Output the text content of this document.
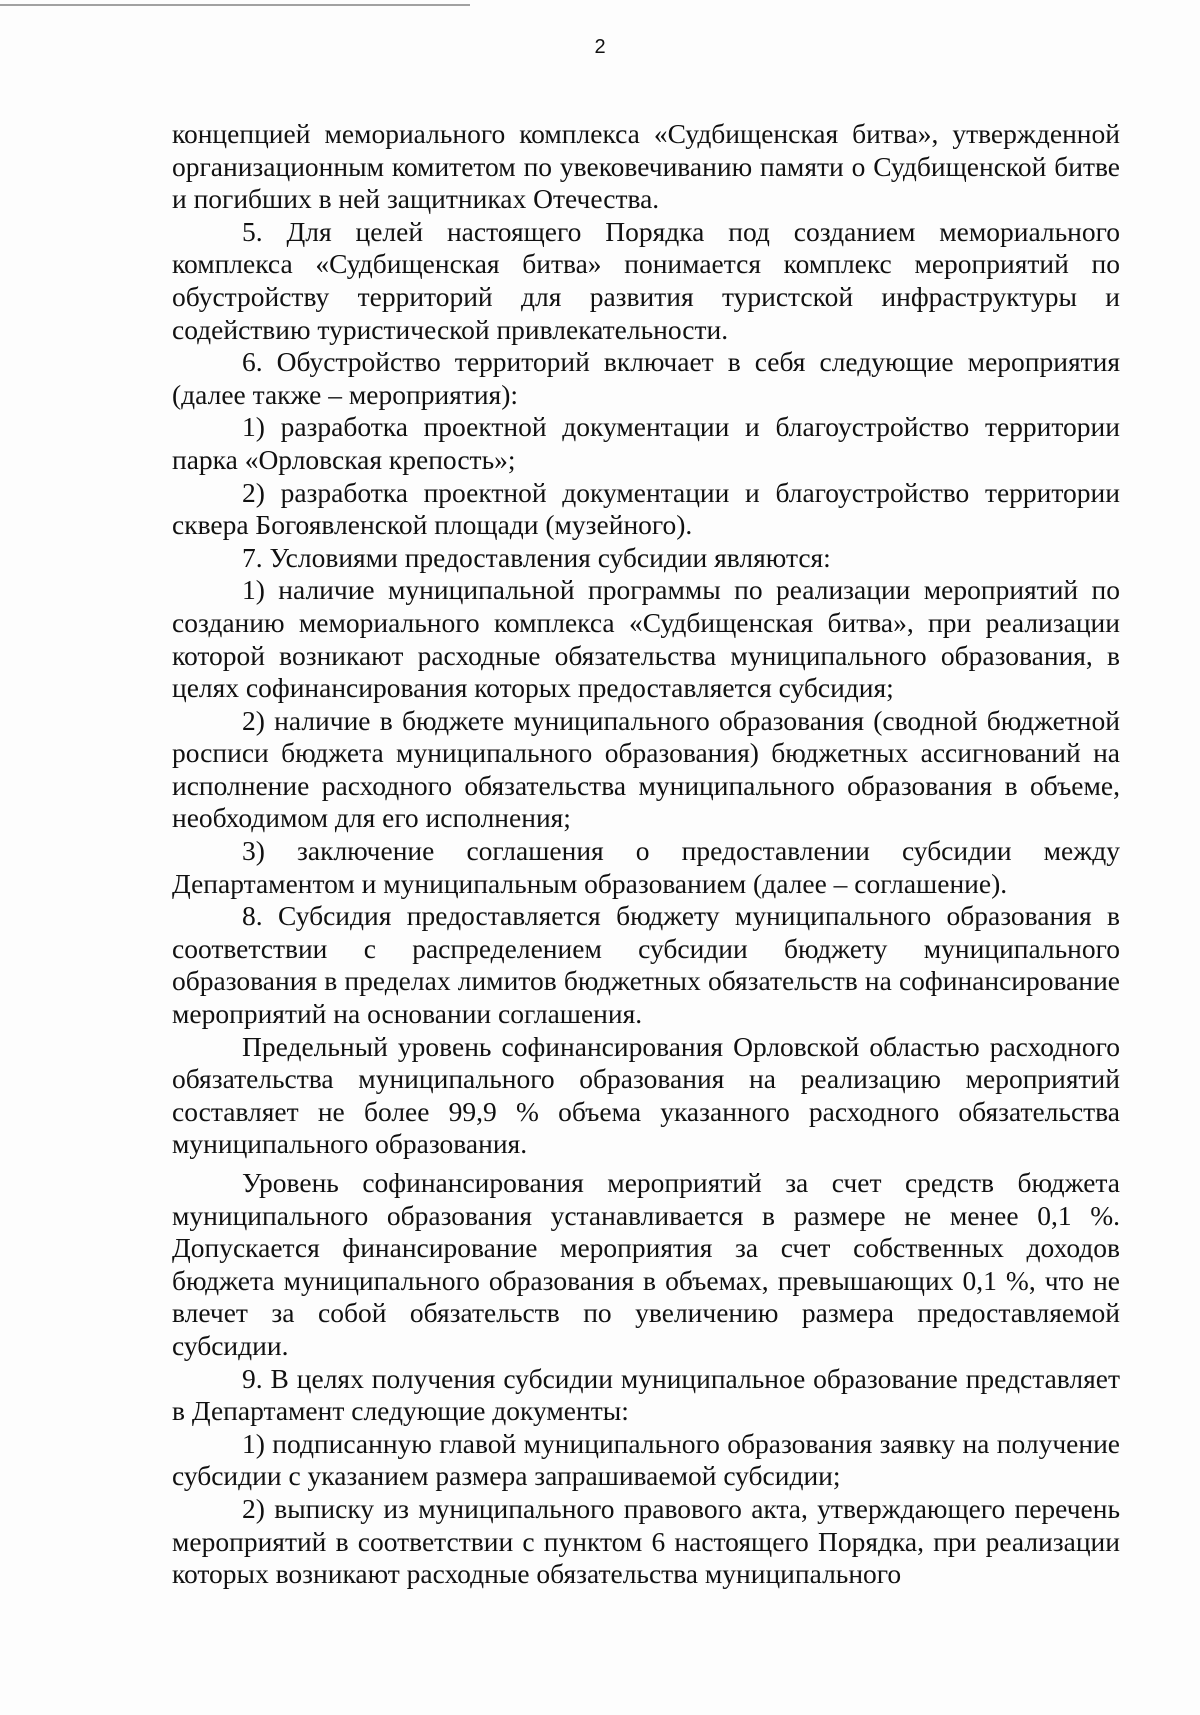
2

концепцией мемориального комплекса «Судбищенская битва», утвержденной организационным комитетом по увековечиванию памяти о Судбищенской битве и погибших в ней защитниках Отечества.

5. Для целей настоящего Порядка под созданием мемориального комплекса «Судбищенская битва» понимается комплекс мероприятий по обустройству территорий для развития туристской инфраструктуры и содействию туристической привлекательности.

6. Обустройство территорий включает в себя следующие мероприятия (далее также – мероприятия):

1) разработка проектной документации и благоустройство территории парка «Орловская крепость»;

2) разработка проектной документации и благоустройство территории сквера Богоявленской площади (музейного).

7. Условиями предоставления субсидии являются:

1) наличие муниципальной программы по реализации мероприятий по созданию мемориального комплекса «Судбищенская битва», при реализации которой возникают расходные обязательства муниципального образования, в целях софинансирования которых предоставляется субсидия;

2) наличие в бюджете муниципального образования (сводной бюджетной росписи бюджета муниципального образования) бюджетных ассигнований на исполнение расходного обязательства муниципального образования в объеме, необходимом для его исполнения;

3) заключение соглашения о предоставлении субсидии между Департаментом и муниципальным образованием (далее – соглашение).

8. Субсидия предоставляется бюджету муниципального образования в соответствии с распределением субсидии бюджету муниципального образования в пределах лимитов бюджетных обязательств на софинансирование мероприятий на основании соглашения.

Предельный уровень софинансирования Орловской областью расходного обязательства муниципального образования на реализацию мероприятий составляет не более 99,9 % объема указанного расходного обязательства муниципального образования.

Уровень софинансирования мероприятий за счет средств бюджета муниципального образования устанавливается в размере не менее 0,1 %. Допускается финансирование мероприятия за счет собственных доходов бюджета муниципального образования в объемах, превышающих 0,1 %, что не влечет за собой обязательств по увеличению размера предоставляемой субсидии.

9. В целях получения субсидии муниципальное образование представляет в Департамент следующие документы:

1) подписанную главой муниципального образования заявку на получение субсидии с указанием размера запрашиваемой субсидии;

2) выписку из муниципального правового акта, утверждающего перечень мероприятий в соответствии с пунктом 6 настоящего Порядка, при реализации которых возникают расходные обязательства муниципального
